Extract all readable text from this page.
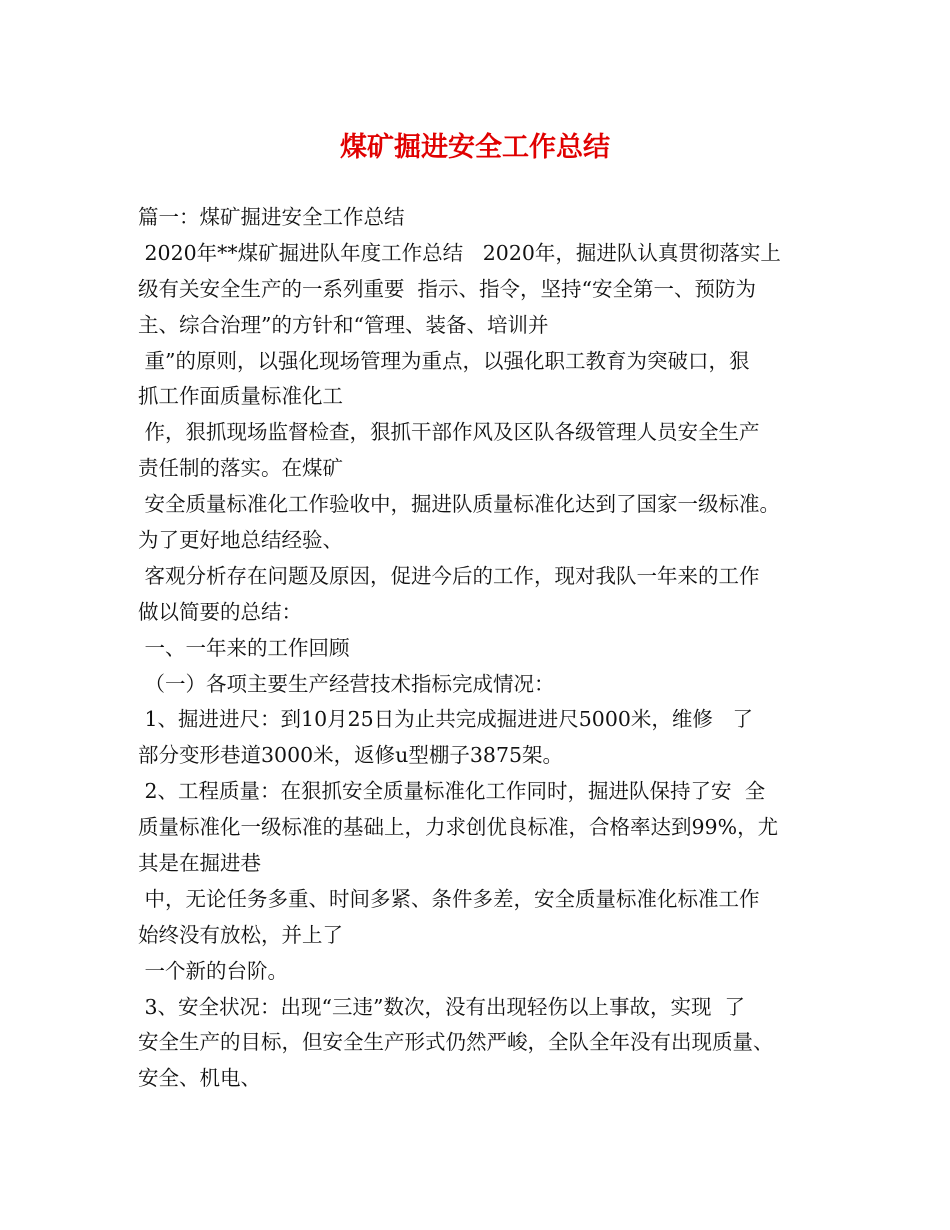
煤矿掘进安全工作总结
篇一：煤矿掘进安全工作总结
2020年**煤矿掘进队年度工作总结   2020年，掘进队认真贯彻落实上
级有关安全生产的一系列重要  指示、指令，坚持“安全第一、预防为
主、综合治理”的方针和“管理、装备、培训并
重”的原则，以强化现场管理为重点，以强化职工教育为突破口，狠
抓工作面质量标准化工
作，狠抓现场监督检查，狠抓干部作风及区队各级管理人员安全生产
责任制的落实。在煤矿
安全质量标准化工作验收中，掘进队质量标准化达到了国家一级标准。
为了更好地总结经验、
客观分析存在问题及原因，促进今后的工作，现对我队一年来的工作
做以简要的总结：
一、一年来的工作回顾
（一）各项主要生产经营技术指标完成情况：
1、掘进进尺：到10月25日为止共完成掘进进尺5000米，维修   了
部分变形巷道3000米，返修u型棚子3875架。
2、工程质量：在狠抓安全质量标准化工作同时，掘进队保持了安  全
质量标准化一级标准的基础上，力求创优良标准，合格率达到99%，尤
其是在掘进巷
中，无论任务多重、时间多紧、条件多差，安全质量标准化标准工作
始终没有放松，并上了
一个新的台阶。
3、安全状况：出现“三违”数次，没有出现轻伤以上事故，实现  了
安全生产的目标，但安全生产形式仍然严峻，全队全年没有出现质量、
安全、机电、
